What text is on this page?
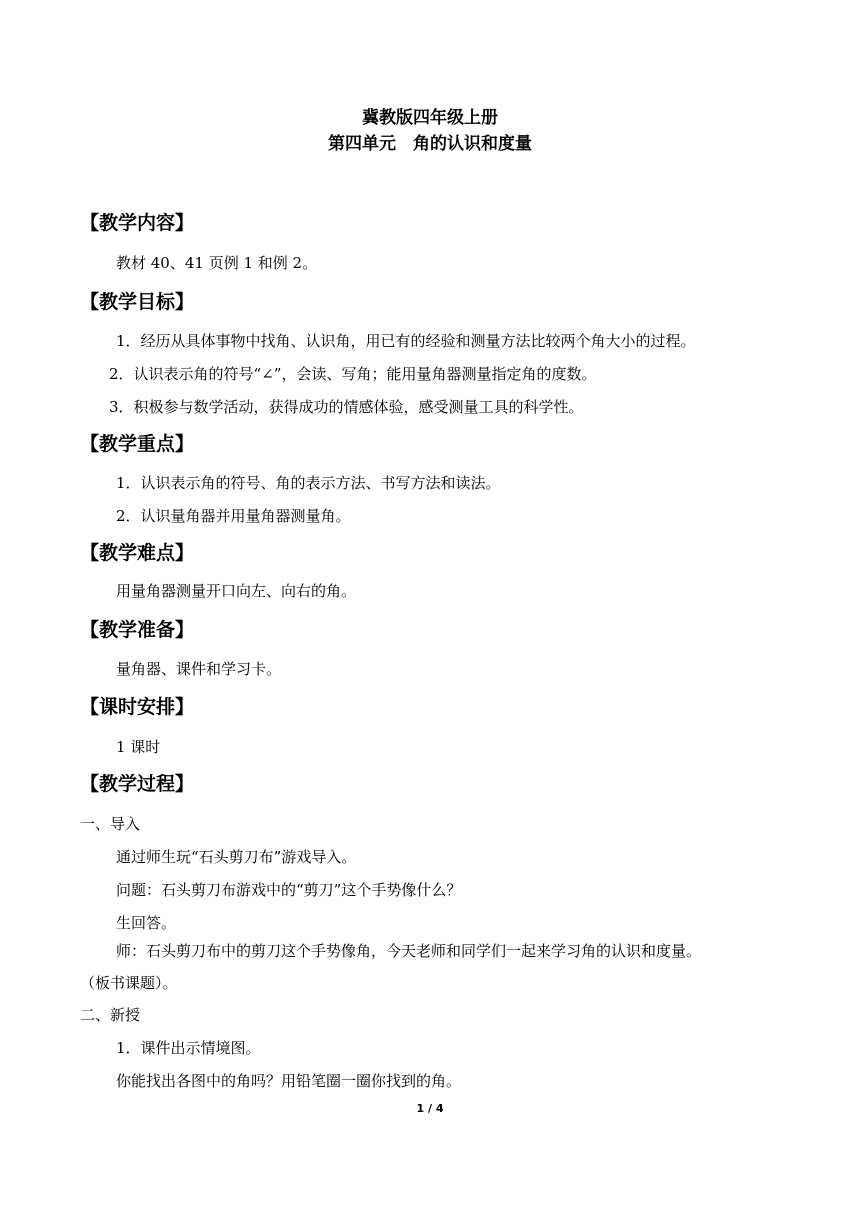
冀教版四年级上册
第四单元　角的认识和度量
【教学内容】
教材 40、41 页例 1 和例 2。
【教学目标】
1．经历从具体事物中找角、认识角，用已有的经验和测量方法比较两个角大小的过程。
2．认识表示角的符号“∠”，会读、写角；能用量角器测量指定角的度数。
3．积极参与数学活动，获得成功的情感体验，感受测量工具的科学性。
【教学重点】
1．认识表示角的符号、角的表示方法、书写方法和读法。
2．认识量角器并用量角器测量角。
【教学难点】
用量角器测量开口向左、向右的角。
【教学准备】
量角器、课件和学习卡。
【课时安排】
1 课时
【教学过程】
一、导入
通过师生玩“石头剪刀布”游戏导入。
问题：石头剪刀布游戏中的“剪刀”这个手势像什么？
生回答。
师：石头剪刀布中的剪刀这个手势像角，今天老师和同学们一起来学习角的认识和度量。
（板书课题）。
二、新授
1．课件出示情境图。
你能找出各图中的角吗？用铅笔圈一圈你找到的角。
1 / 4
